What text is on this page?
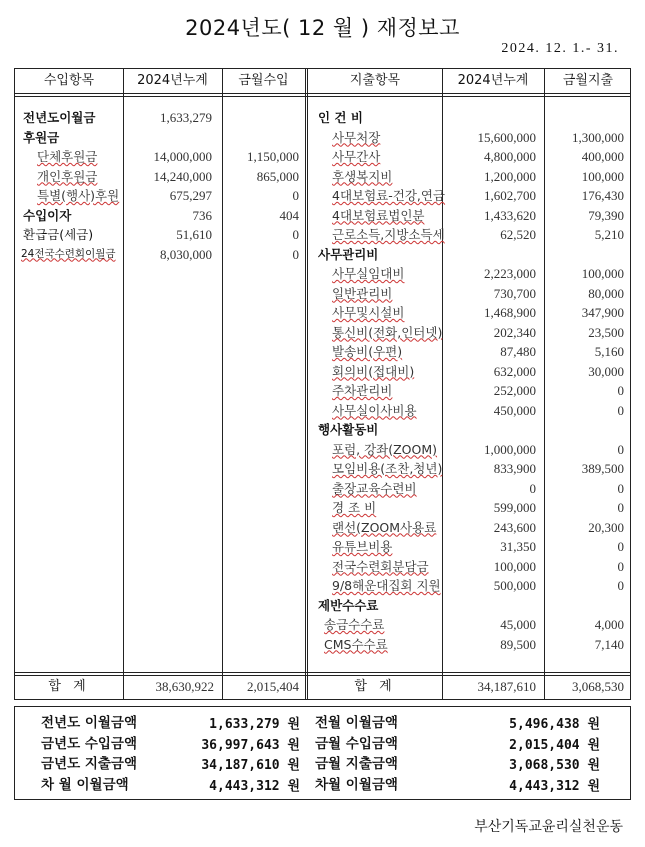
2024년도( 12 월 ) 재정보고
2024. 12. 1.- 31.
수입항목	2024년누계	금월수입	지출항목	2024년누계	금월지출
전년도이월금	1,633,279
후원금
단체후원금	14,000,000	1,150,000
개인후원금	14,240,000	865,000
특별(행사)후원	675,297	0
수입이자	736	404
환급금(세금)	51,610	0
24전국수련회이월금	8,030,000	0
인 건 비
사무처장	15,600,000	1,300,000
사무간사	4,800,000	400,000
후생복지비	1,200,000	100,000
4대보험료-건강,연금	1,602,700	176,430
4대보험료법인분	1,433,620	79,390
근로소득,지방소득세	62,520	5,210
사무관리비
사무실임대비	2,223,000	100,000
일반관리비	730,700	80,000
사무및시설비	1,468,900	347,900
통신비(전화,인터넷)	202,340	23,500
발송비(우편)	87,480	5,160
회의비(접대비)	632,000	30,000
주차관리비	252,000	0
사무실이사비용	450,000	0
행사활동비
포럼, 강좌(ZOOM)	1,000,000	0
모임비용(조찬,청년)	833,900	389,500
출장교육수련비	0	0
경 조 비	599,000	0
랜선(ZOOM사용료	243,600	20,300
유튜브비용	31,350	0
전국수련회분담금	100,000	0
9/8해운대집회 지원	500,000	0
제반수수료
송금수수료	45,000	4,000
CMS수수료	89,500	7,140
합 계	38,630,922	2,015,404	합 계	34,187,610	3,068,530
전년도 이월금액	1,633,279 원
금년도 수입금액	36,997,643 원
금년도 지출금액	34,187,610 원
차 월 이월금액	4,443,312 원
전월 이월금액	5,496,438 원
금월 수입금액	2,015,404 원
금월 지출금액	3,068,530 원
차월 이월금액	4,443,312 원
부산기독교윤리실천운동
